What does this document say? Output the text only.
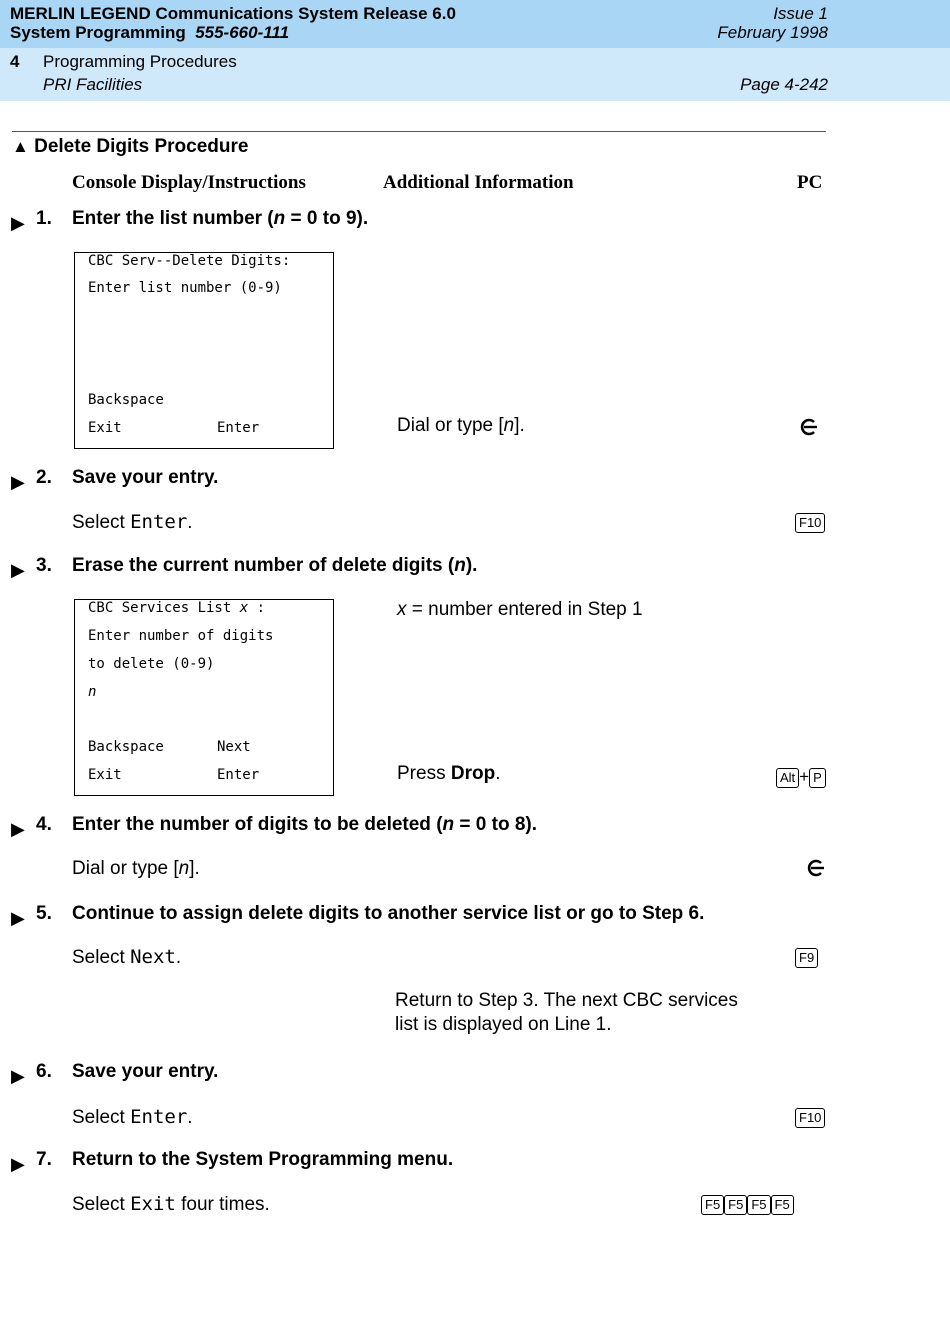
MERLIN LEGEND Communications System Release 6.0	Issue 1
System Programming 555-660-111	February 1998
4 Programming Procedures
PRI Facilities	Page 4-242
▲ Delete Digits Procedure
Console Display/Instructions	Additional Information	PC
▶ 1. Enter the list number (n = 0 to 9).
CBC Serv--Delete Digits:
Enter list number (0-9)
Backspace
Exit	Enter	Dial or type [n].
▶ 2. Save your entry.
Select Enter.	F10
▶ 3. Erase the current number of delete digits (n).
CBC Services List x :
Enter number of digits
to delete (0-9)
n
Backspace	Next
Exit	Enter
x = number entered in Step 1
Press Drop.	Alt + P
▶ 4. Enter the number of digits to be deleted (n = 0 to 8).
Dial or type [n].
▶ 5. Continue to assign delete digits to another service list or go to Step 6.
Select Next.	F9
Return to Step 3. The next CBC services
list is displayed on Line 1.
▶ 6. Save your entry.
Select Enter.	F10
▶ 7. Return to the System Programming menu.
Select Exit four times.	F5 F5 F5 F5
